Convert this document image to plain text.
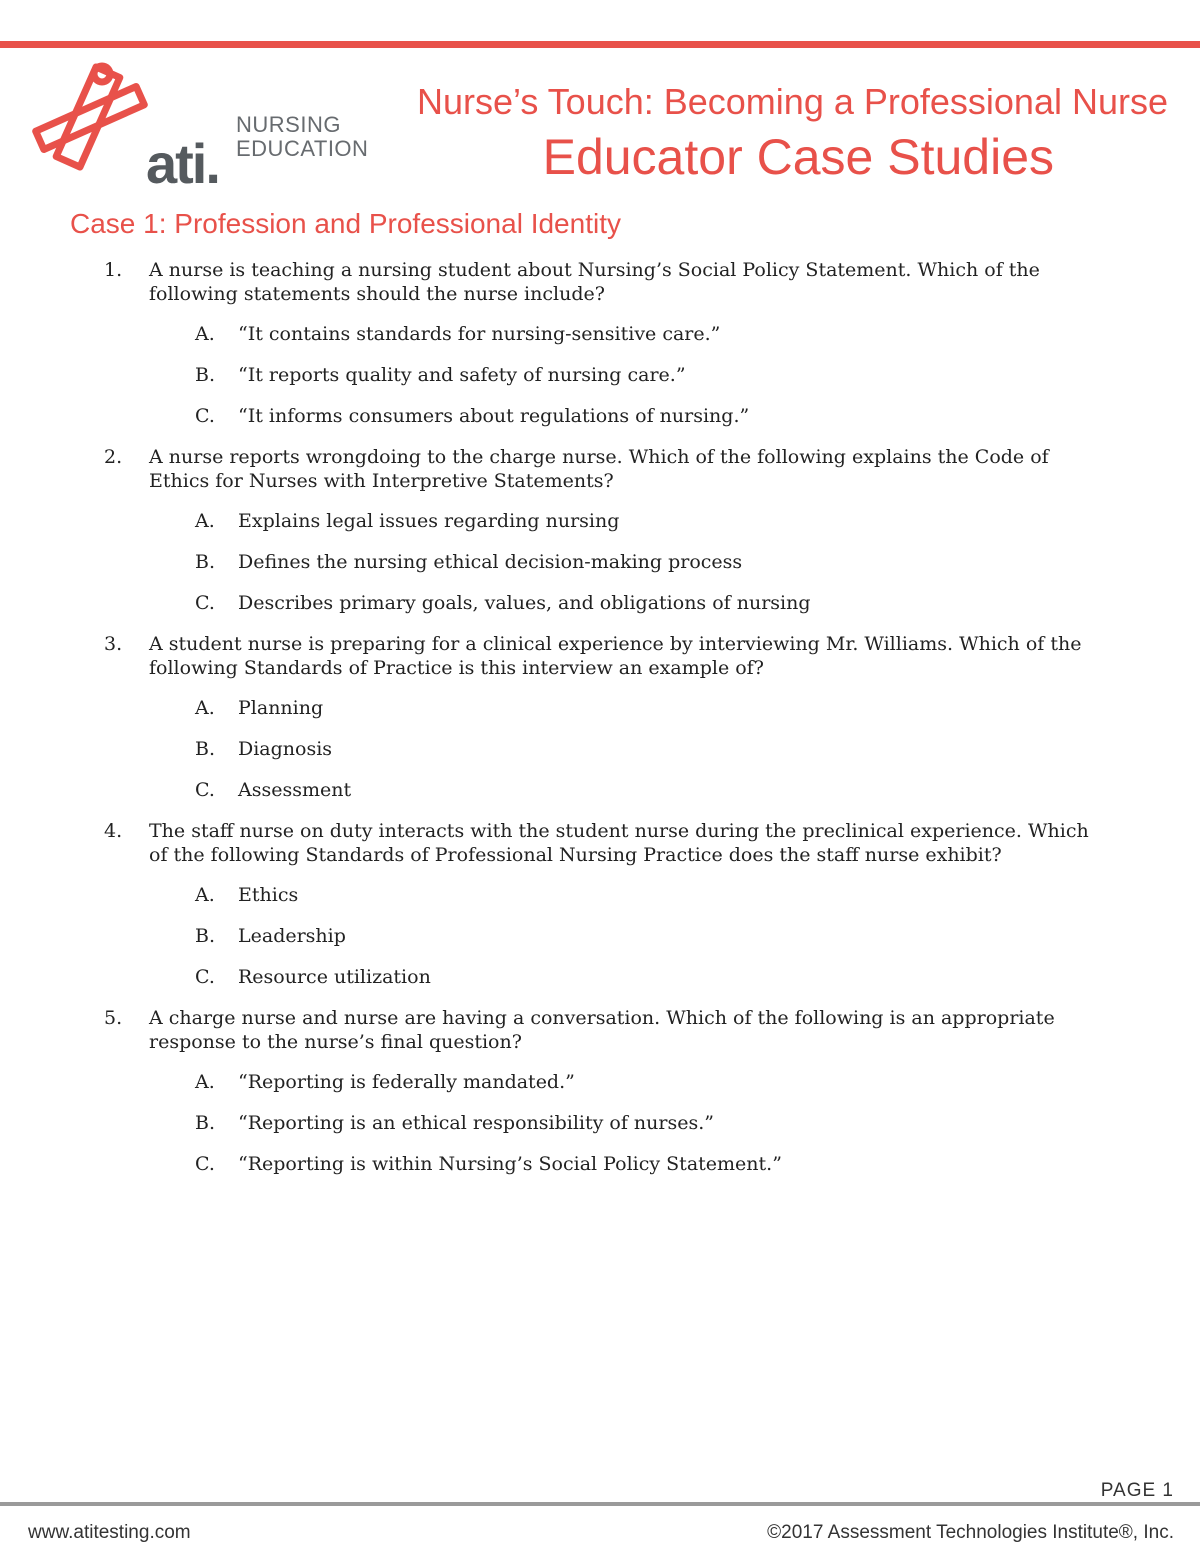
ati.
NURSING
EDUCATION
Nurse’s Touch: Becoming a Professional Nurse
Educator Case Studies
Case 1: Profession and Professional Identity
1. A nurse is teaching a nursing student about Nursing’s Social Policy Statement. Which of the following statements should the nurse include?
A. “It contains standards for nursing-sensitive care.”
B. “It reports quality and safety of nursing care.”
C. “It informs consumers about regulations of nursing.”
2. A nurse reports wrongdoing to the charge nurse. Which of the following explains the Code of Ethics for Nurses with Interpretive Statements?
A. Explains legal issues regarding nursing
B. Defines the nursing ethical decision-making process
C. Describes primary goals, values, and obligations of nursing
3. A student nurse is preparing for a clinical experience by interviewing Mr. Williams. Which of the following Standards of Practice is this interview an example of?
A. Planning
B. Diagnosis
C. Assessment
4. The staff nurse on duty interacts with the student nurse during the preclinical experience. Which of the following Standards of Professional Nursing Practice does the staff nurse exhibit?
A. Ethics
B. Leadership
C. Resource utilization
5. A charge nurse and nurse are having a conversation. Which of the following is an appropriate response to the nurse’s final question?
A. “Reporting is federally mandated.”
B. “Reporting is an ethical responsibility of nurses.”
C. “Reporting is within Nursing’s Social Policy Statement.”
PAGE 1
www.atitesting.com	©2017 Assessment Technologies Institute®, Inc.
